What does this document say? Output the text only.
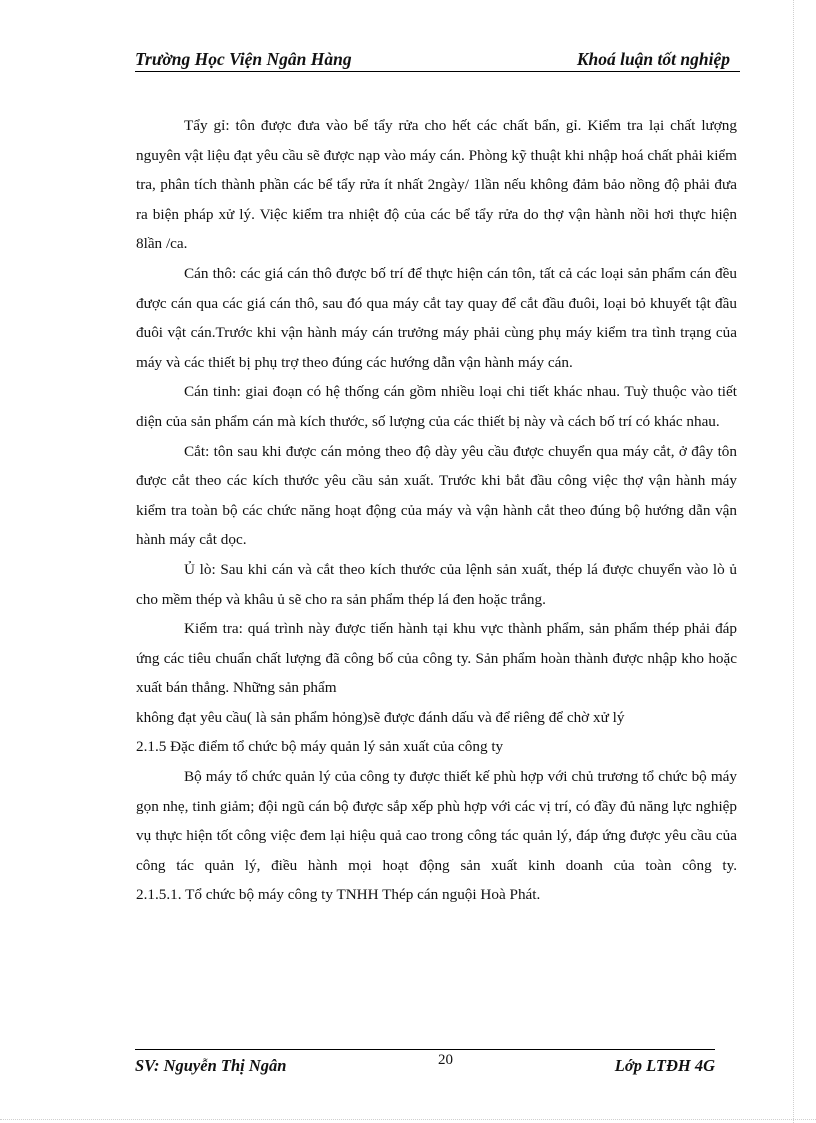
Trường Học Viện Ngân Hàng	Khoá luận tốt nghiệp

Tẩy gỉ: tôn được đưa vào bể tẩy rửa cho hết các chất bẩn, gỉ. Kiểm tra lại chất lượng nguyên vật liệu đạt yêu cầu sẽ được nạp vào máy cán. Phòng kỹ thuật khi nhập hoá chất phải kiểm tra, phân tích thành phần các bể tẩy rửa ít nhất 2ngày/ 1lần nếu không đảm bảo nồng độ phải đưa ra biện pháp xử lý. Việc kiểm tra nhiệt độ của các bể tẩy rửa do thợ vận hành nồi hơi thực hiện 8lần /ca.

Cán thô: các giá cán thô được bố trí để thực hiện cán tôn, tất cả các loại sản phẩm cán đều được cán qua các giá cán thô, sau đó qua máy cắt tay quay để cắt đầu đuôi, loại bỏ khuyết tật đầu đuôi vật cán.Trước khi vận hành máy cán trưởng máy phải cùng phụ máy kiểm tra tình trạng của máy và các thiết bị phụ trợ theo đúng các hướng dẫn vận hành máy cán.

Cán tinh: giai đoạn có hệ thống cán gồm nhiều loại chi tiết khác nhau. Tuỳ thuộc vào tiết diện của sản phẩm cán mà kích thước, số lượng của các thiết bị này và cách bố trí có khác nhau.

Cắt: tôn sau khi được cán mỏng theo độ dày yêu cầu được chuyển qua máy cắt, ở đây tôn được cắt theo các kích thước yêu cầu sản xuất. Trước khi bắt đầu công việc thợ vận hành máy kiểm tra toàn bộ các chức năng hoạt động của máy và vận hành cắt theo đúng bộ hướng dẫn vận hành máy cắt dọc.

Ủ lò: Sau khi cán và cắt theo kích thước của lệnh sản xuất, thép lá được chuyển vào lò ủ cho mềm thép và khâu ủ sẽ cho ra sản phẩm thép lá đen hoặc trắng.

Kiểm tra: quá trình này được tiến hành tại khu vực thành phẩm, sản phẩm thép phải đáp ứng các tiêu chuẩn chất lượng đã công bố của công ty. Sản phẩm hoàn thành được nhập kho hoặc xuất bán thẳng. Những sản phẩm

không đạt yêu cầu( là sản phẩm hỏng)sẽ được đánh dấu và để riêng để chờ xử lý

2.1.5 Đặc điểm tổ chức bộ máy quản lý sản xuất của công ty

Bộ máy tổ chức quản lý của công ty được thiết kế phù hợp với chủ trương tổ chức bộ máy gọn nhẹ, tinh giảm; đội ngũ cán bộ được sắp xếp phù hợp với các vị trí, có đầy đủ năng lực nghiệp vụ thực hiện tốt công việc đem lại hiệu quả cao trong công tác quản lý, đáp ứng được yêu cầu của công tác quản lý, điều hành mọi hoạt động sản xuất kinh doanh của toàn công ty.

2.1.5.1. Tổ chức bộ máy công ty TNHH Thép cán nguội Hoà Phát.

SV: Nguyễn Thị Ngân	20	Lớp LTĐH 4G
